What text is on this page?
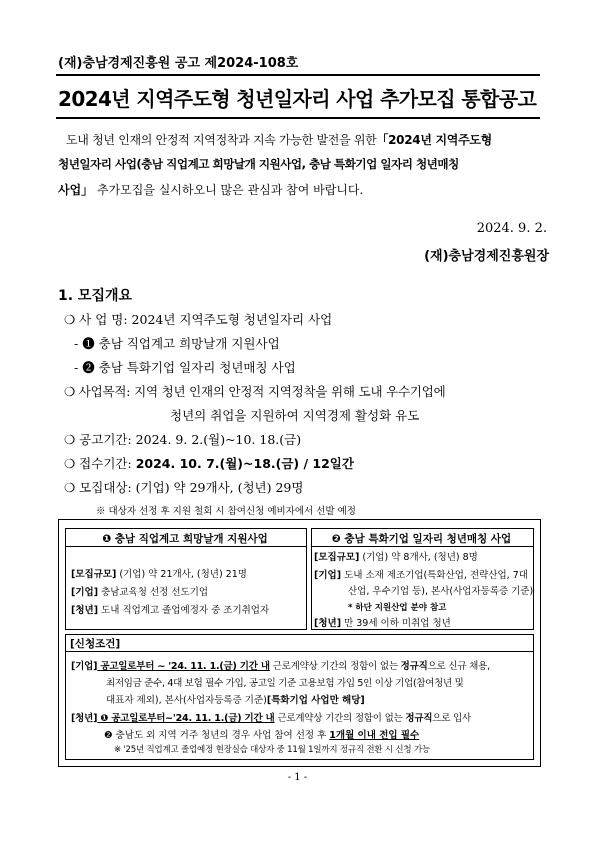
(재)충남경제진흥원 공고 제2024-108호
2024년 지역주도형 청년일자리 사업 추가모집 통합공고
도내 청년 인재의 안정적 지역정착과 지속 가능한 발전을 위한「2024년 지역주도형
청년일자리 사업(충남 직업계고 희망날개 지원사업, 충남 특화기업 일자리 청년매칭
사업」 추가모집을 실시하오니 많은 관심과 참여 바랍니다.
2024. 9. 2.
(재)충남경제진흥원장
1. 모집개요
❍ 사 업 명: 2024년 지역주도형 청년일자리 사업
- ❶ 충남 직업계고 희망날개 지원사업
- ❷ 충남 특화기업 일자리 청년매칭 사업
❍ 사업목적: 지역 청년 인재의 안정적 지역정착을 위해 도내 우수기업에
청년의 취업을 지원하여 지역경제 활성화 유도
❍ 공고기간: 2024. 9. 2.(월)~10. 18.(금)
❍ 접수기간: 2024. 10. 7.(월)~18.(금) / 12일간
❍ 모집대상: (기업) 약 29개사, (청년) 29명
※ 대상자 선정 후 지원 철회 시 참여신청 예비자에서 선발 예정
❶ 충남 직업계고 희망날개 지원사업
[모집규모] (기업) 약 21개사, (청년) 21명
[기업] 충남교육청 선정 선도기업
[청년] 도내 직업계고 졸업예정자 중 조기취업자
❷ 충남 특화기업 일자리 청년매칭 사업
[모집규모] (기업) 약 8개사, (청년) 8명
[기업] 도내 소재 제조기업(특화산업, 전략산업, 7대
산업, 우수기업 등), 본사(사업자등록증 기준)
* 하단 지원산업 분야 참고
[청년] 만 39세 이하 미취업 청년
[신청조건]
[기업] 공고일로부터 ~ '24. 11. 1.(금) 기간 내 근로계약상 기간의 정함이 없는 정규직으로 신규 채용,
최저임금 준수, 4대 보험 필수 가입, 공고일 기준 고용보험 가입 5인 이상 기업(참여청년 및
대표자 제외), 본사(사업자등록증 기준)[특화기업 사업만 해당]
[청년] ❶ 공고일로부터~'24. 11. 1.(금) 기간 내 근로계약상 기간의 정함이 없는 정규직으로 입사
❷ 충남도 외 지역 거주 청년의 경우 사업 참여 선정 후 1개월 이내 전입 필수
※ '25년 직업계고 졸업예정 현장실습 대상자 중 11월 1일까지 정규직 전환 시 신청 가능
- 1 -
